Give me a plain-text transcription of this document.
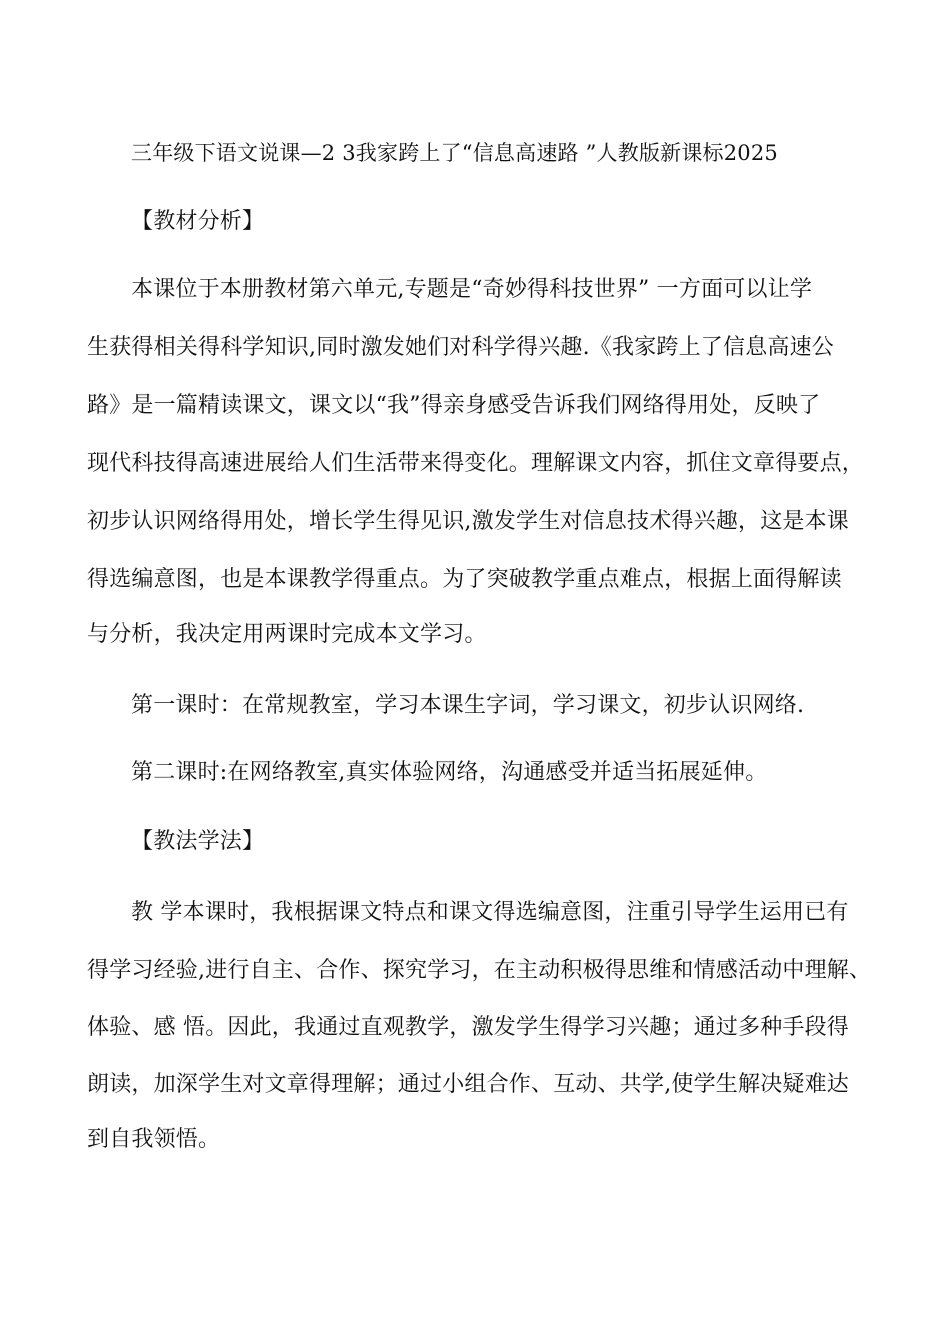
三年级下语文说课—2 3我家跨上了“信息高速路 ”人教版新课标2025
【教材分析】
本课位于本册教材第六单元,专题是“奇妙得科技世界” 一方面可以让学
生获得相关得科学知识,同时激发她们对科学得兴趣.《我家跨上了信息高速公
路》是一篇精读课文，课文以“我”得亲身感受告诉我们网络得用处，反映了
现代科技得高速进展给人们生活带来得变化。理解课文内容，抓住文章得要点，
初步认识网络得用处，增长学生得见识,激发学生对信息技术得兴趣，这是本课
得选编意图，也是本课教学得重点。为了突破教学重点难点，根据上面得解读
与分析，我决定用两课时完成本文学习。
第一课时：在常规教室，学习本课生字词，学习课文，初步认识网络.
第二课时:在网络教室,真实体验网络，沟通感受并适当拓展延伸。
【教法学法】
教 学本课时，我根据课文特点和课文得选编意图，注重引导学生运用已有
得学习经验,进行自主、合作、探究学习，在主动积极得思维和情感活动中理解、
体验、感 悟。因此，我通过直观教学，激发学生得学习兴趣；通过多种手段得
朗读，加深学生对文章得理解；通过小组合作、互动、共学,使学生解决疑难达
到自我领悟。
